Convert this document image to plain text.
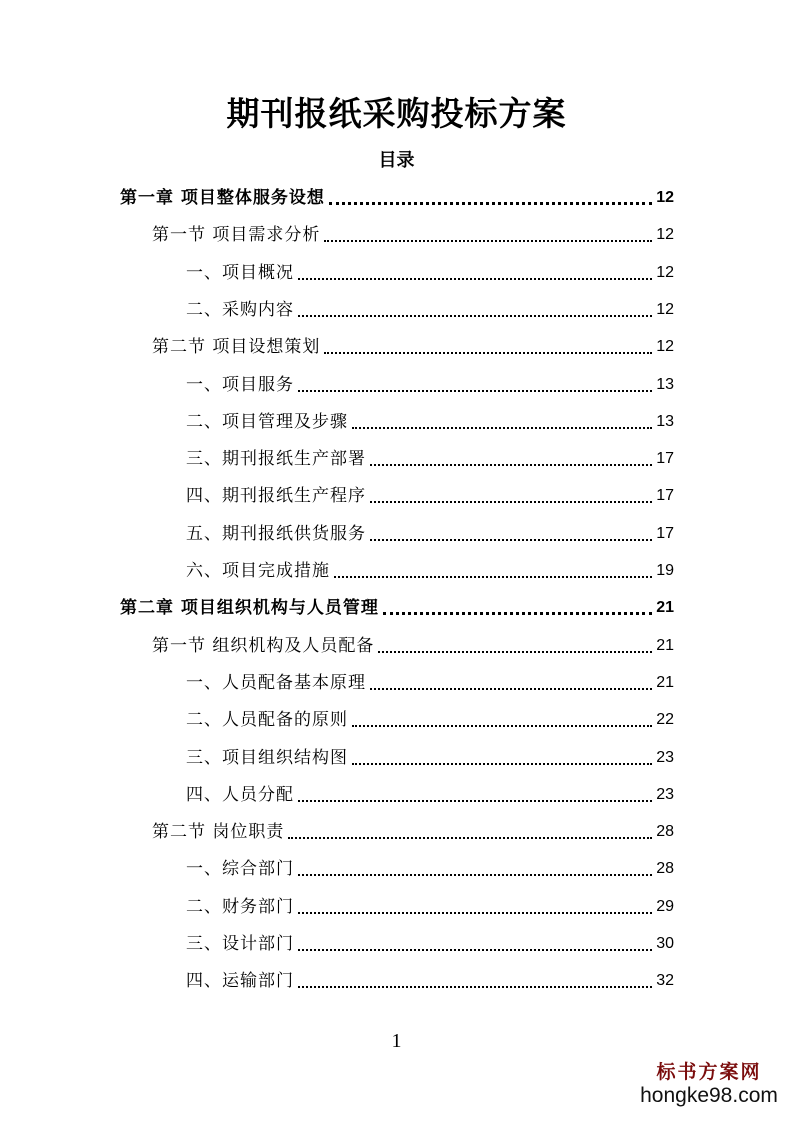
期刊报纸采购投标方案
目录
第一章 项目整体服务设想	12
第一节 项目需求分析	12
一、项目概况	12
二、采购内容	12
第二节 项目设想策划	12
一、项目服务	13
二、项目管理及步骤	13
三、期刊报纸生产部署	17
四、期刊报纸生产程序	17
五、期刊报纸供货服务	17
六、项目完成措施	19
第二章 项目组织机构与人员管理	21
第一节 组织机构及人员配备	21
一、人员配备基本原理	21
二、人员配备的原则	22
三、项目组织结构图	23
四、人员分配	23
第二节 岗位职责	28
一、综合部门	28
二、财务部门	29
三、设计部门	30
四、运输部门	32
1
标书方案网
hongke98.com
